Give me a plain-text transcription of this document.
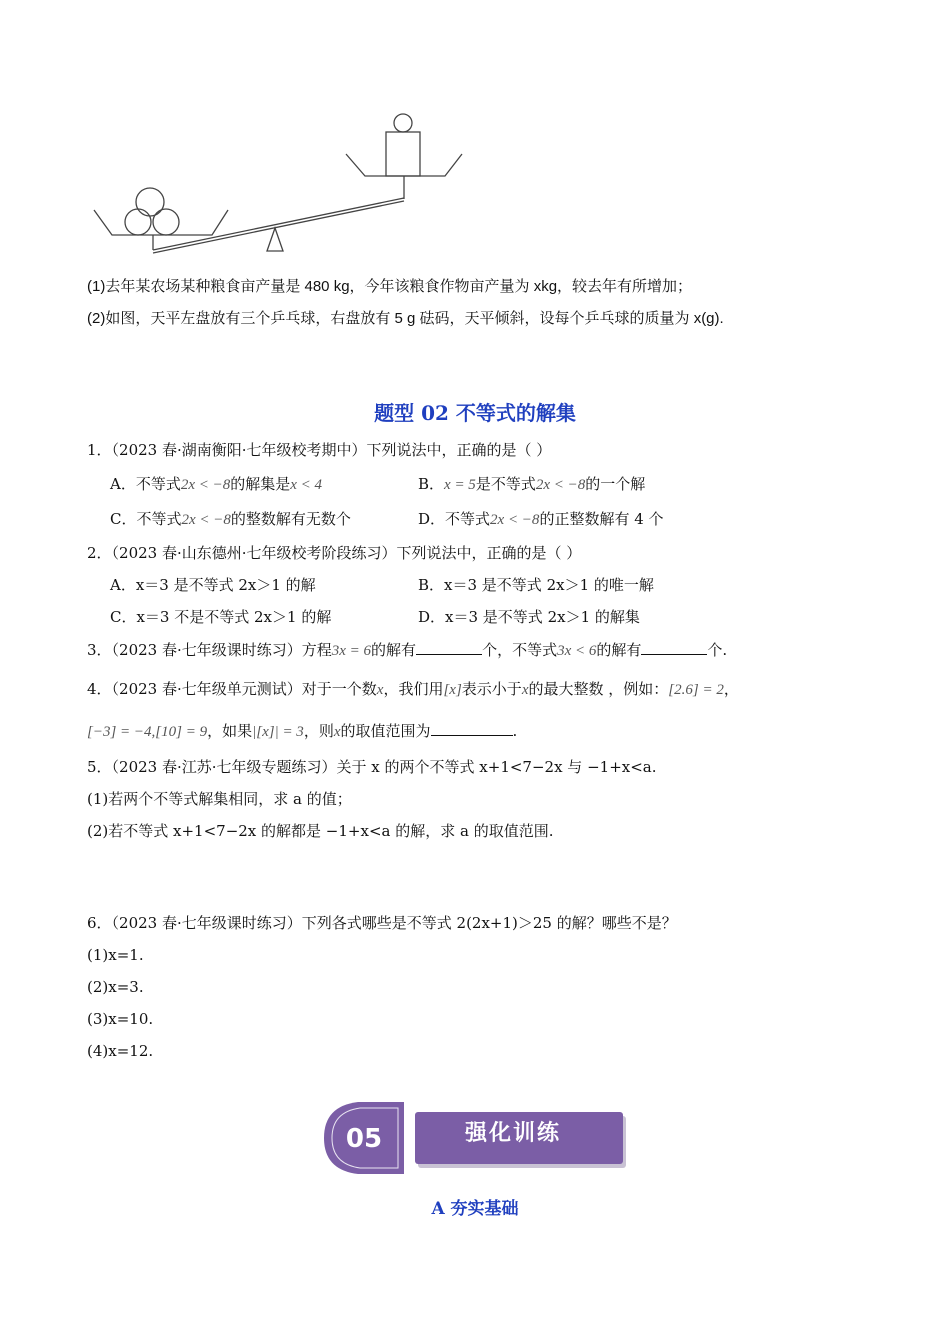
(1)去年某农场某种粮食亩产量是 480 kg，今年该粮食作物亩产量为 xkg，较去年有所增加；
(2)如图，天平左盘放有三个乒乓球，右盘放有 5 g 砝码，天平倾斜，设每个乒乓球的质量为 x(g).
题型 02 不等式的解集
1．（2023 春·湖南衡阳·七年级校考期中）下列说法中，正确的是（ ）
A．不等式2x < −8的解集是x < 4	B．x = 5是不等式2x < −8的一个解
C．不等式2x < −8的整数解有无数个	D．不等式2x < −8的正整数解有 4 个
2．（2023 春·山东德州·七年级校考阶段练习）下列说法中，正确的是（ ）
A．x＝3 是不等式 2x＞1 的解	B．x＝3 是不等式 2x＞1 的唯一解
C．x＝3 不是不等式 2x＞1 的解	D．x＝3 是不等式 2x＞1 的解集
3．（2023 春·七年级课时练习）方程3x = 6的解有	个，不等式3x < 6的解有	个.
4．（2023 春·七年级单元测试）对于一个数x，我们用[x]表示小于x的最大整数 ，例如：[2.6] = 2，
[−3] = −4,[10] = 9，如果|[x]| = 3，则x的取值范围为	.
5．（2023 春·江苏·七年级专题练习）关于 x 的两个不等式 x+1<7−2x 与 −1+x<a.
(1)若两个不等式解集相同，求 a 的值；
(2)若不等式 x+1<7−2x 的解都是 −1+x<a 的解，求 a 的取值范围.
6．（2023 春·七年级课时练习）下列各式哪些是不等式 2(2x+1)＞25 的解？哪些不是？
(1)x=1.
(2)x=3.
(3)x=10.
(4)x=12.
05	强化训练
A 夯实基础
